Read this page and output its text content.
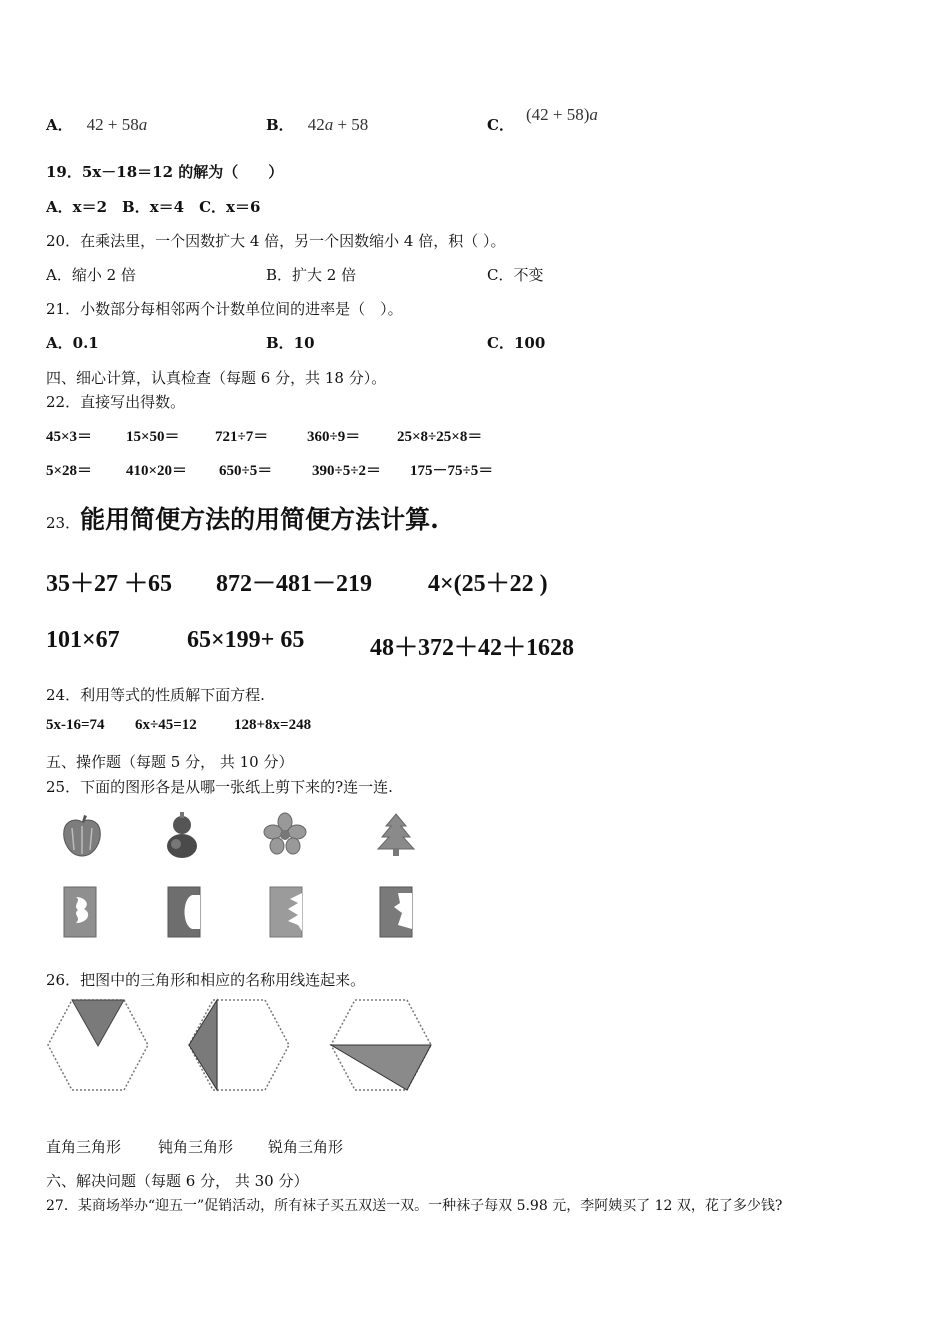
A． 42 + 58a	B． 42a + 58	C．(42 + 58)a
19．5x－18＝12 的解为（　　）
A．x＝2　B．x＝4　C．x＝6
20．在乘法里，一个因数扩大 4 倍，另一个因数缩小 4 倍，积（ ）。
A．缩小 2 倍	B．扩大 2 倍	C．不变
21．小数部分每相邻两个计数单位间的进率是（　）。
A．0.1	B．10	C．100
四、细心计算，认真检查（每题 6 分，共 18 分）。
22．直接写出得数。
45×3＝ 15×50＝ 721÷7＝	360÷9＝ 25×8÷25×8＝
5×28＝ 410×20＝ 650÷5＝	390÷5÷2＝ 175－75÷5＝
23．能用简便方法的用简便方法计算.
35＋27 ＋65 872－481－219 4×(25＋22 )
101×67	65×199+ 65	48＋372＋42＋1628
24．利用等式的性质解下面方程.
5x-16=74 6x÷45=12 128+8x=248
五、操作题（每题 5 分， 共 10 分）
25．下面的图形各是从哪一张纸上剪下来的?连一连.
26．把图中的三角形和相应的名称用线连起来。
直角三角形 钝角三角形 锐角三角形
六、解决问题（每题 6 分， 共 30 分）
27．某商场举办“迎五一”促销活动，所有袜子买五双送一双。一种袜子每双 5.98 元，李阿姨买了 12 双，花了多少钱?
